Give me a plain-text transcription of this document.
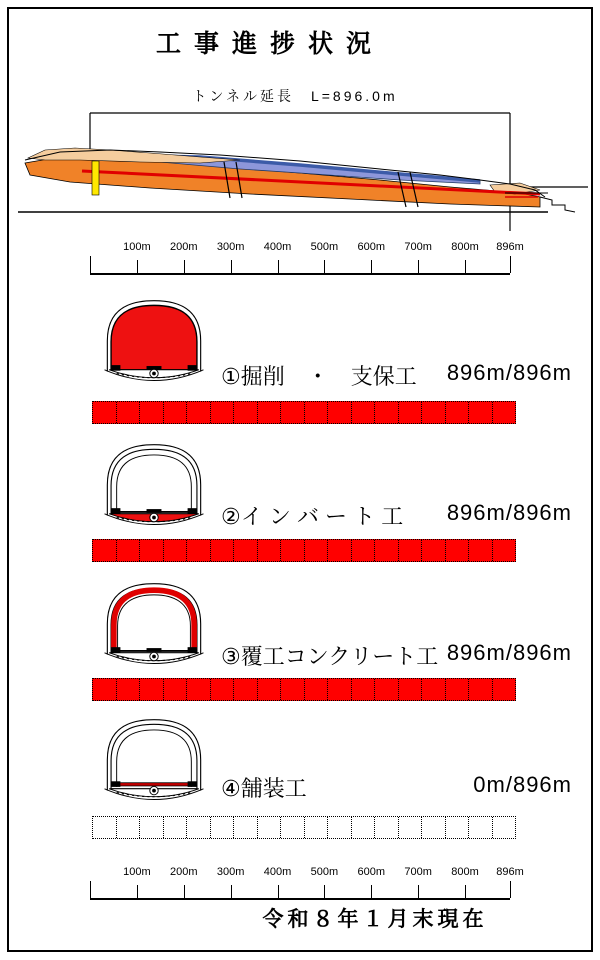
工事進捗状況
トンネル延長　L=896.0m
100m 200m 300m 400m 500m 600m 700m 800m 896m
①掘削　・　支保工 896m/896m
②イ ン バ ー ト 工 896m/896m
③覆工コンクリート工 896m/896m
④舗装工	0m/896m
100m 200m 300m 400m 500m 600m 700m 800m 896m
令和８年１月末現在
